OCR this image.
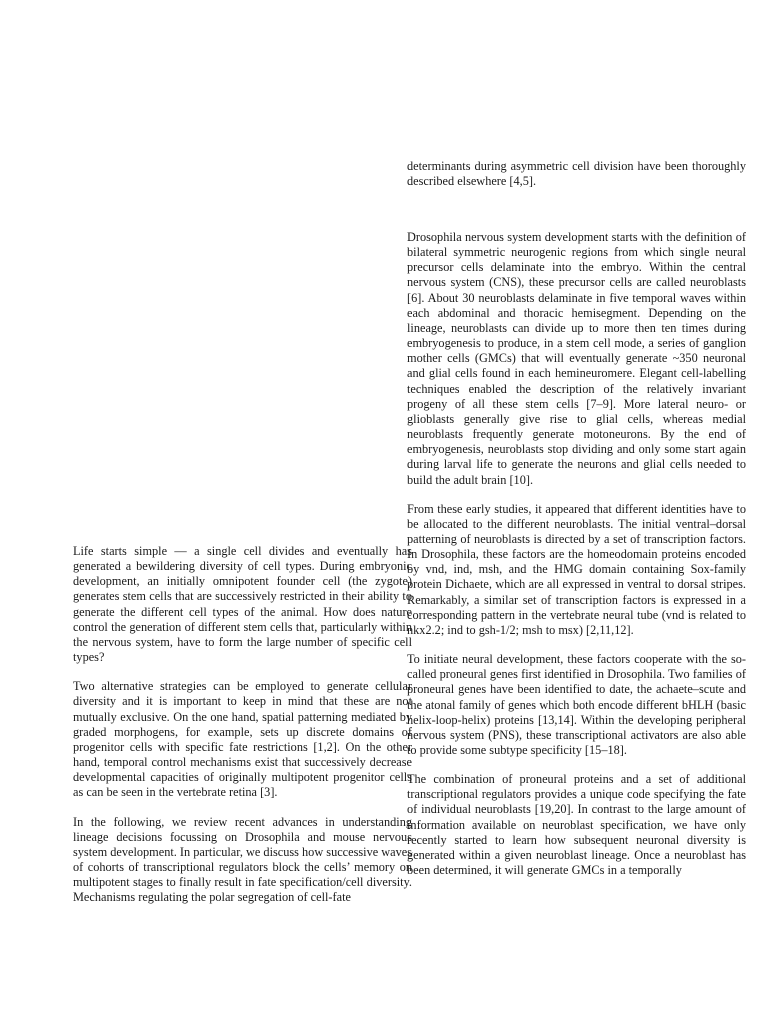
Life starts simple — a single cell divides and eventually has generated a bewildering diversity of cell types. During embryonic development, an initially omnipotent founder cell (the zygote) generates stem cells that are successively restricted in their ability to generate the different cell types of the animal. How does nature control the generation of different stem cells that, particularly within the nervous system, have to form the large number of specific cell types?

Two alternative strategies can be employed to generate cellular diversity and it is important to keep in mind that these are not mutually exclusive. On the one hand, spatial patterning mediated by graded morphogens, for example, sets up discrete domains of progenitor cells with specific fate restrictions [1,2]. On the other hand, temporal control mechanisms exist that successively decrease developmental capacities of originally multipotent progenitor cells as can be seen in the vertebrate retina [3].

In the following, we review recent advances in understanding lineage decisions focussing on Drosophila and mouse nervous system development. In particular, we discuss how successive waves of cohorts of transcriptional regulators block the cells’ memory on multipotent stages to finally result in fate specification/cell diversity. Mechanisms regulating the polar segregation of cell-fate

determinants during asymmetric cell division have been thoroughly described elsewhere [4,5].

Drosophila nervous system development starts with the definition of bilateral symmetric neurogenic regions from which single neural precursor cells delaminate into the embryo. Within the central nervous system (CNS), these precursor cells are called neuroblasts [6]. About 30 neuroblasts delaminate in five temporal waves within each abdominal and thoracic hemisegment. Depending on the lineage, neuroblasts can divide up to more then ten times during embryogenesis to produce, in a stem cell mode, a series of ganglion mother cells (GMCs) that will eventually generate ~350 neuronal and glial cells found in each hemineuromere. Elegant cell-labelling techniques enabled the description of the relatively invariant progeny of all these stem cells [7–9]. More lateral neuro- or glioblasts generally give rise to glial cells, whereas medial neuroblasts frequently generate motoneurons. By the end of embryogenesis, neuroblasts stop dividing and only some start again during larval life to generate the neurons and glial cells needed to build the adult brain [10].

From these early studies, it appeared that different identities have to be allocated to the different neuroblasts. The initial ventral–dorsal patterning of neuroblasts is directed by a set of transcription factors. In Drosophila, these factors are the homeodomain proteins encoded by vnd, ind, msh, and the HMG domain containing Sox-family protein Dichaete, which are all expressed in ventral to dorsal stripes. Remarkably, a similar set of transcription factors is expressed in a corresponding pattern in the vertebrate neural tube (vnd is related to nkx2.2; ind to gsh-1/2; msh to msx) [2,11,12].

To initiate neural development, these factors cooperate with the so-called proneural genes first identified in Drosophila. Two families of proneural genes have been identified to date, the achaete–scute and the atonal family of genes which both encode different bHLH (basic helix-loop-helix) proteins [13,14]. Within the developing peripheral nervous system (PNS), these transcriptional activators are also able to provide some subtype specificity [15–18].

The combination of proneural proteins and a set of additional transcriptional regulators provides a unique code specifying the fate of individual neuroblasts [19,20]. In contrast to the large amount of information available on neuroblast specification, we have only recently started to learn how subsequent neuronal diversity is generated within a given neuroblast lineage. Once a neuroblast has been determined, it will generate GMCs in a temporally
